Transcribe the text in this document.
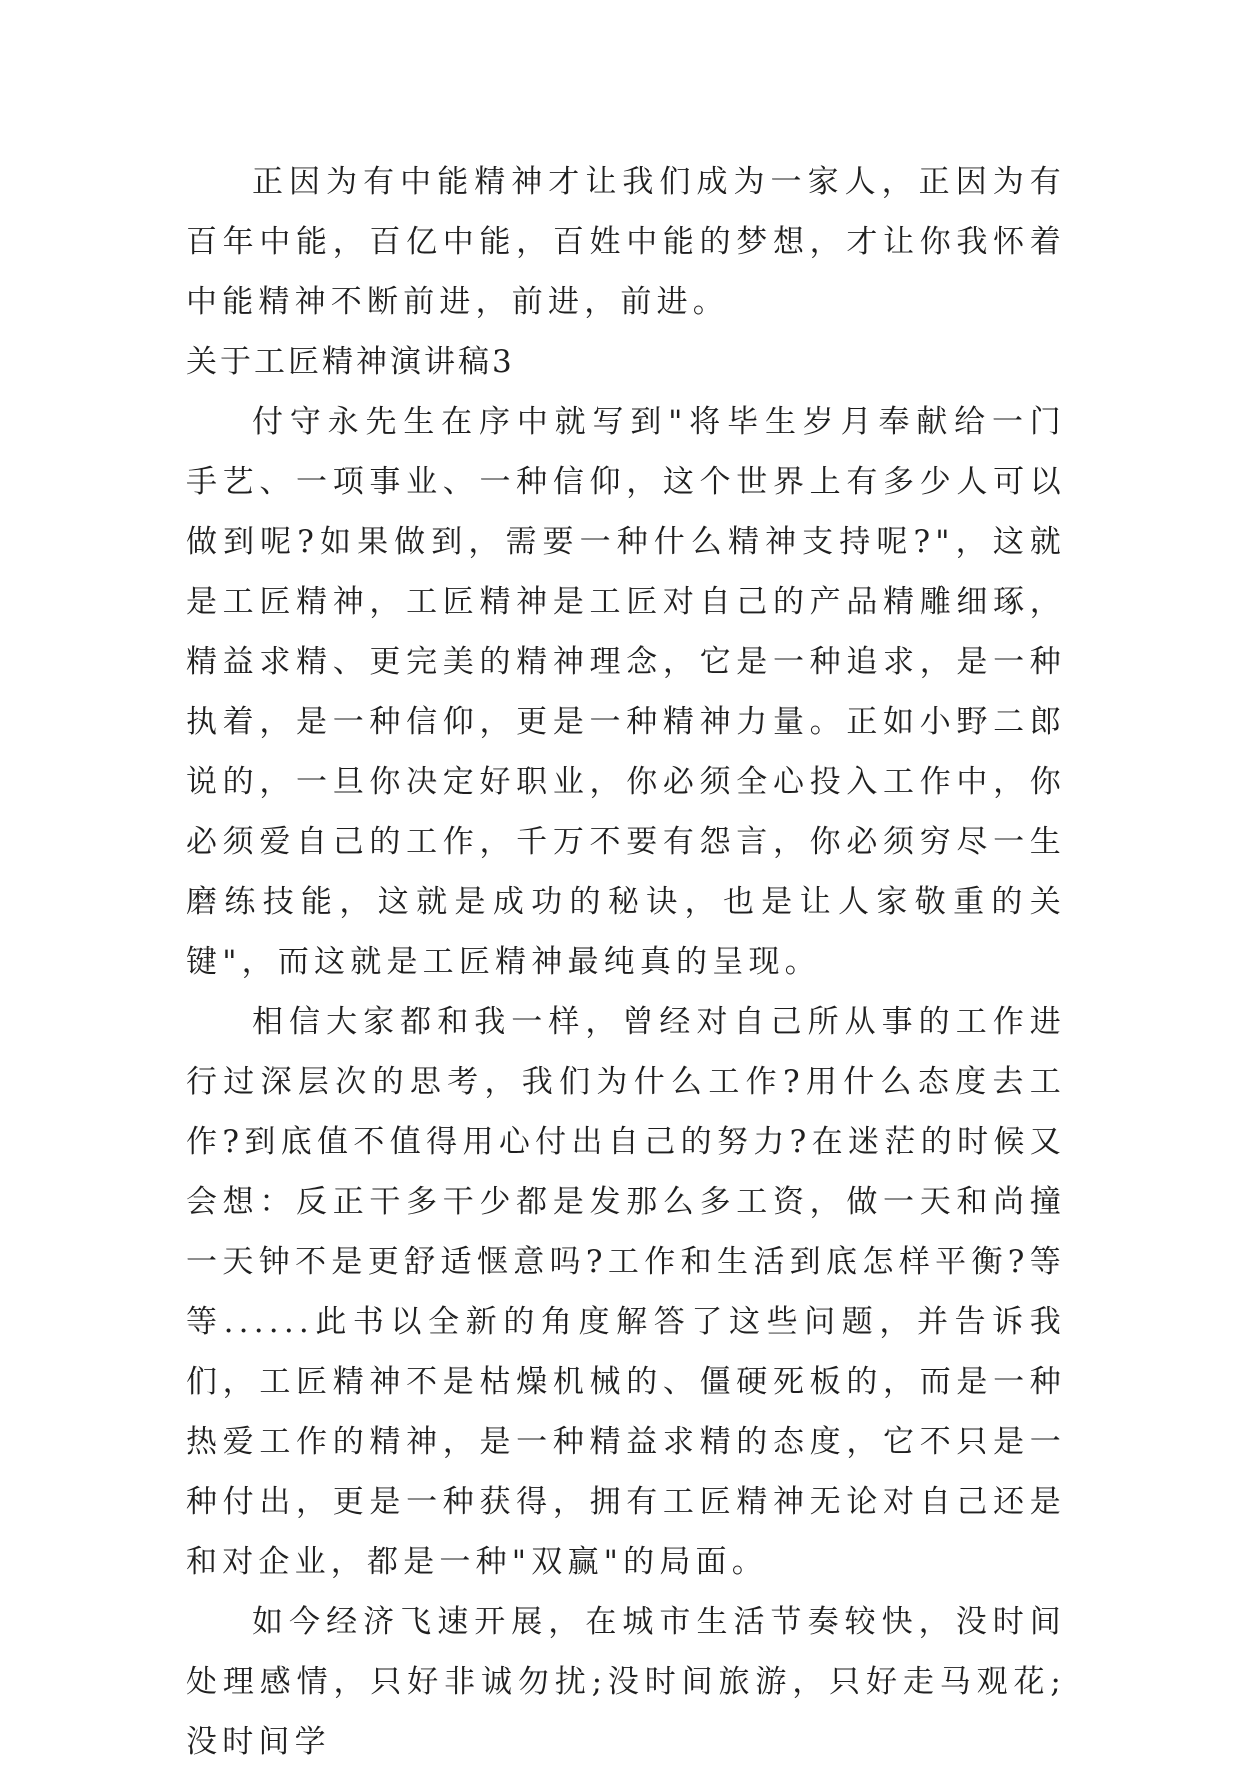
正因为有中能精神才让我们成为一家人，正因为有百年中能，百亿中能，百姓中能的梦想，才让你我怀着中能精神不断前进，前进，前进。

关于工匠精神演讲稿3

付守永先生在序中就写到"将毕生岁月奉献给一门手艺、一项事业、一种信仰，这个世界上有多少人可以做到呢?如果做到，需要一种什么精神支持呢?"，这就是工匠精神，工匠精神是工匠对自己的产品精雕细琢，精益求精、更完美的精神理念，它是一种追求，是一种执着，是一种信仰，更是一种精神力量。正如小野二郎说的，一旦你决定好职业，你必须全心投入工作中，你必须爱自己的工作，千万不要有怨言，你必须穷尽一生磨练技能，这就是成功的秘诀，也是让人家敬重的关键"，而这就是工匠精神最纯真的呈现。

相信大家都和我一样，曾经对自己所从事的工作进行过深层次的思考，我们为什么工作?用什么态度去工作?到底值不值得用心付出自己的努力?在迷茫的时候又会想：反正干多干少都是发那么多工资，做一天和尚撞一天钟不是更舒适惬意吗?工作和生活到底怎样平衡?等等......此书以全新的角度解答了这些问题，并告诉我们，工匠精神不是枯燥机械的、僵硬死板的，而是一种热爱工作的精神，是一种精益求精的态度，它不只是一种付出，更是一种获得，拥有工匠精神无论对自己还是和对企业，都是一种"双赢"的局面。

如今经济飞速开展，在城市生活节奏较快，没时间处理感情，只好非诚勿扰;没时间旅游，只好走马观花;没时间学
